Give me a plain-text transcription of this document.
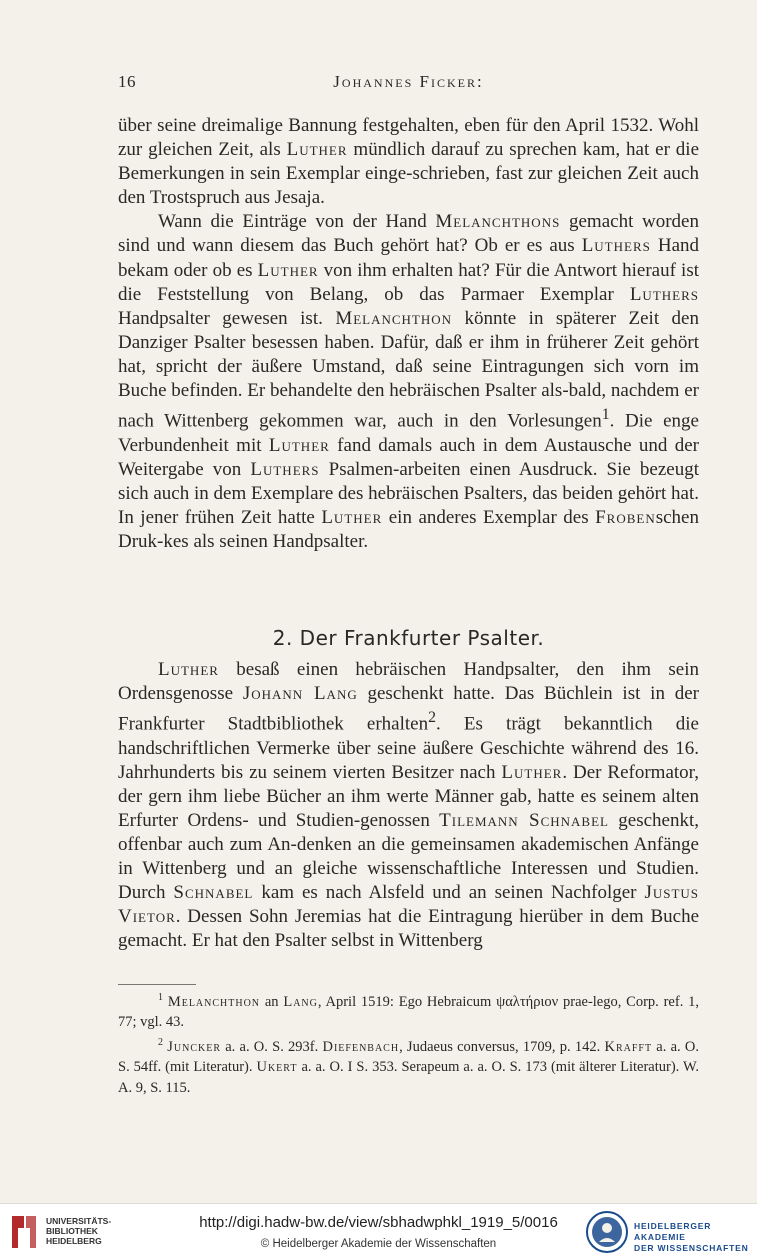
16	Johannes Ficker:

über seine dreimalige Bannung festgehalten, eben für den April 1532. Wohl zur gleichen Zeit, als Luther mündlich darauf zu sprechen kam, hat er die Bemerkungen in sein Exemplar einge-schrieben, fast zur gleichen Zeit auch den Trostspruch aus Jesaja.

Wann die Einträge von der Hand Melanchthons gemacht worden sind und wann diesem das Buch gehört hat? Ob er es aus Luthers Hand bekam oder ob es Luther von ihm erhalten hat? Für die Antwort hierauf ist die Feststellung von Belang, ob das Parmaer Exemplar Luthers Handpsalter gewesen ist. Melanchthon könnte in späterer Zeit den Danziger Psalter besessen haben. Dafür, daß er ihm in früherer Zeit gehört hat, spricht der äußere Umstand, daß seine Eintragungen sich vorn im Buche befinden. Er behandelte den hebräischen Psalter als-bald, nachdem er nach Wittenberg gekommen war, auch in den Vorlesungen$^1$. Die enge Verbundenheit mit Luther fand damals auch in dem Austausche und der Weitergabe von Luthers Psalmen-arbeiten einen Ausdruck. Sie bezeugt sich auch in dem Exemplare des hebräischen Psalters, das beiden gehört hat. In jener frühen Zeit hatte Luther ein anderes Exemplar des Frobenschen Druk-kes als seinen Handpsalter.

2. Der Frankfurter Psalter.

Luther besaß einen hebräischen Handpsalter, den ihm sein Ordensgenosse Johann Lang geschenkt hatte. Das Büchlein ist in der Frankfurter Stadtbibliothek erhalten$^2$. Es trägt bekanntlich die handschriftlichen Vermerke über seine äußere Geschichte während des 16. Jahrhunderts bis zu seinem vierten Besitzer nach Luther. Der Reformator, der gern ihm liebe Bücher an ihm werte Männer gab, hatte es seinem alten Erfurter Ordens- und Studien-genossen Tilemann Schnabel geschenkt, offenbar auch zum An-denken an die gemeinsamen akademischen Anfänge in Wittenberg und an gleiche wissenschaftliche Interessen und Studien. Durch Schnabel kam es nach Alsfeld und an seinen Nachfolger Justus Vietor. Dessen Sohn Jeremias hat die Eintragung hierüber in dem Buche gemacht. Er hat den Psalter selbst in Wittenberg

$^1$ Melanchthon an Lang, April 1519: Ego Hebraicum ψαλτήριον prae-lego, Corp. ref. 1, 77; vgl. 43.

$^2$ Juncker a. a. O. S. 293f. Diefenbach, Judaeus conversus, 1709, p. 142. Krafft a. a. O. S. 54ff. (mit Literatur). Ukert a. a. O. I S. 353. Serapeum a. a. O. S. 173 (mit älterer Literatur). W. A. 9, S. 115.

UNIVERSITÄTS-
BIBLIOTHEK
HEIDELBERG
http://digi.hadw-bw.de/view/sbhadwphkl_1919_5/0016
© Heidelberger Akademie der Wissenschaften
HEIDELBERGER AKADEMIE
DER WISSENSCHAFTEN
